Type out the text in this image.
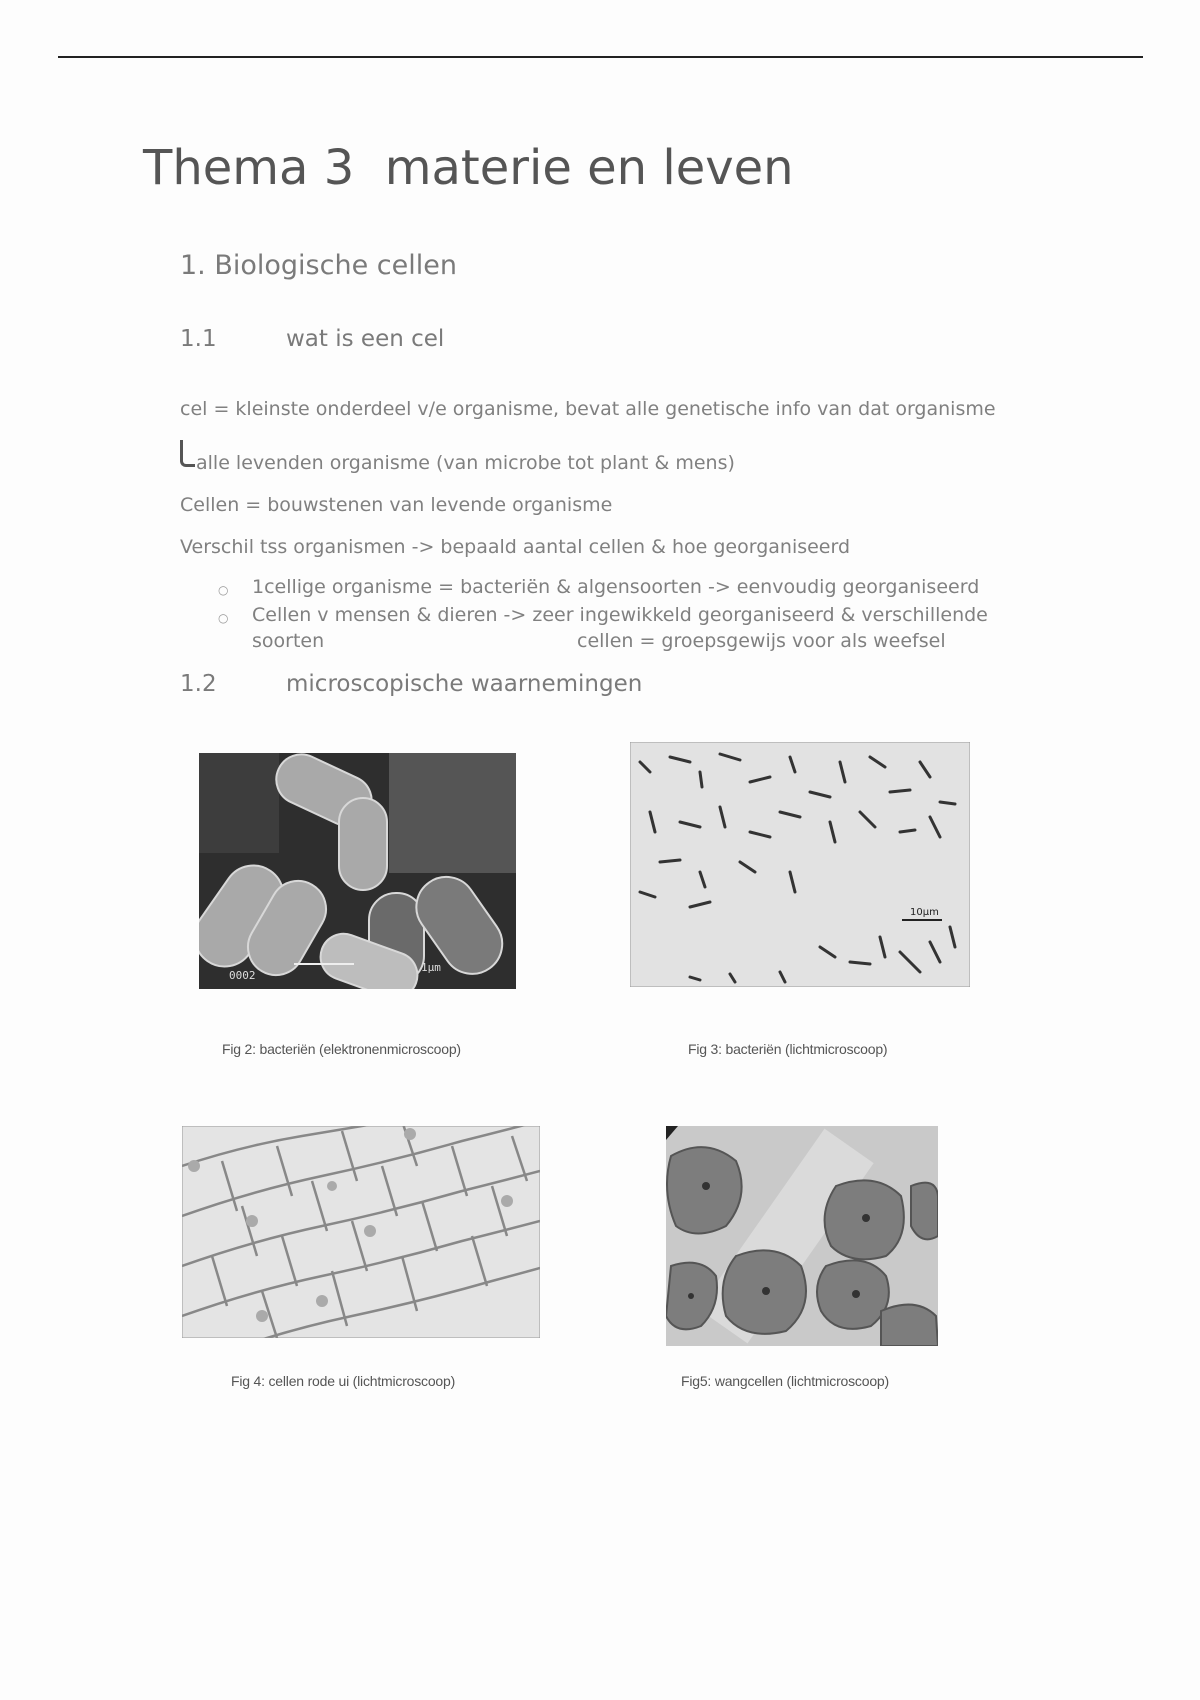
Thema 3  materie en leven
1. Biologische cellen
1.1	wat is een cel

cel = kleinste onderdeel v/e organisme, bevat alle genetische info van dat organisme

alle levenden organisme (van microbe tot plant & mens)

Cellen = bouwstenen van levende organisme

Verschil tss organismen -> bepaald aantal cellen & hoe georganiseerd

○ 1cellige organisme = bacteriën & algensoorten -> eenvoudig georganiseerd
○ Cellen v mensen & dieren -> zeer ingewikkeld georganiseerd & verschillende
soorten	cellen = groepsgewijs voor als weefsel
1.2	microscopische waarnemingen
0002
1μm
10µm
Fig 2: bacteriën (elektronenmicroscoop)	Fig 3: bacteriën (lichtmicroscoop)
Fig 4: cellen rode ui (lichtmicroscoop)	Fig5: wangcellen (lichtmicroscoop)
